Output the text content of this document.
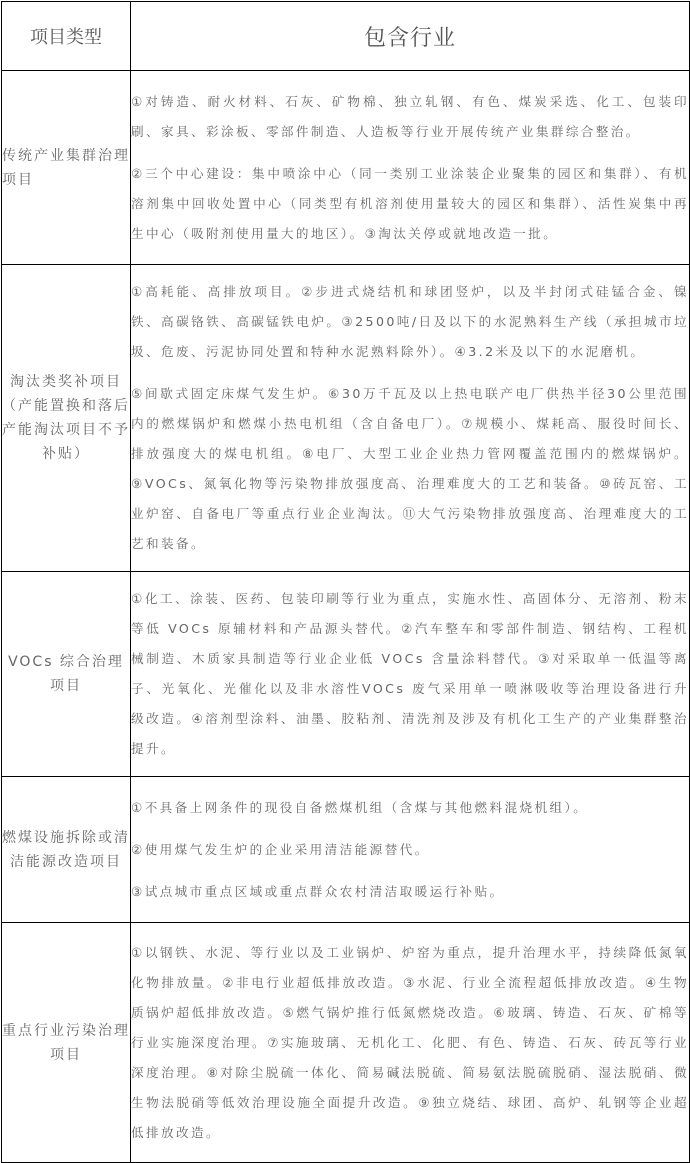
项目类型	包含行业
传统产业集群治理项目	①对铸造、耐火材料、石灰、矿物棉、独立轧钢、有色、煤炭采选、化工、包装印刷、家具、彩涂板、零部件制造、人造板等行业开展传统产业集群综合整治。

②三个中心建设：集中喷涂中心（同一类别工业涂装企业聚集的园区和集群）、有机溶剂集中回收处置中心（同类型有机溶剂使用量较大的园区和集群）、活性炭集中再生中心（吸附剂使用量大的地区）。③淘汰关停或就地改造一批。

淘汰类奖补项目（产能置换和落后产能淘汰项目不予补贴）	①高耗能、高排放项目。②步进式烧结机和球团竖炉，以及半封闭式硅锰合金、镍铁、高碳铬铁、高碳锰铁电炉。③2500吨/日及以下的水泥熟料生产线（承担城市垃圾、危废、污泥协同处置和特种水泥熟料除外）。④3.2米及以下的水泥磨机。

⑤间歇式固定床煤气发生炉。⑥30万千瓦及以上热电联产电厂供热半径30公里范围内的燃煤锅炉和燃煤小热电机组（含自备电厂）。⑦规模小、煤耗高、服役时间长、排放强度大的煤电机组。⑧电厂、大型工业企业热力管网覆盖范围内的燃煤锅炉。⑨VOCs、氮氧化物等污染物排放强度高、治理难度大的工艺和装备。⑩砖瓦窑、工业炉窑、自备电厂等重点行业企业淘汰。⑪大气污染物排放强度高、治理难度大的工艺和装备。

VOCs 综合治理项目	①化工、涂装、医药、包装印刷等行业为重点，实施水性、高固体分、无溶剂、粉末等低 VOCs 原辅材料和产品源头替代。②汽车整车和零部件制造、钢结构、工程机械制造、木质家具制造等行业企业低 VOCs 含量涂料替代。③对采取单一低温等离子、光氧化、光催化以及非水溶性VOCs 废气采用单一喷淋吸收等治理设备进行升级改造。④溶剂型涂料、油墨、胶粘剂、清洗剂及涉及有机化工生产的产业集群整治提升。

燃煤设施拆除或清洁能源改造项目	①不具备上网条件的现役自备燃煤机组（含煤与其他燃料混烧机组）。

②使用煤气发生炉的企业采用清洁能源替代。

③试点城市重点区域或重点群众农村清洁取暖运行补贴。

重点行业污染治理项目	①以钢铁、水泥、等行业以及工业锅炉、炉窑为重点，提升治理水平，持续降低氮氧化物排放量。②非电行业超低排放改造。③水泥、行业全流程超低排放改造。④生物质锅炉超低排放改造。⑤燃气锅炉推行低氮燃烧改造。⑥玻璃、铸造、石灰、矿棉等行业实施深度治理。⑦实施玻璃、无机化工、化肥、有色、铸造、石灰、砖瓦等行业深度治理。⑧对除尘脱硫一体化、简易碱法脱硫、简易氨法脱硫脱硝、湿法脱硝、微生物法脱硝等低效治理设施全面提升改造。⑨独立烧结、球团、高炉、轧钢等企业超低排放改造。
